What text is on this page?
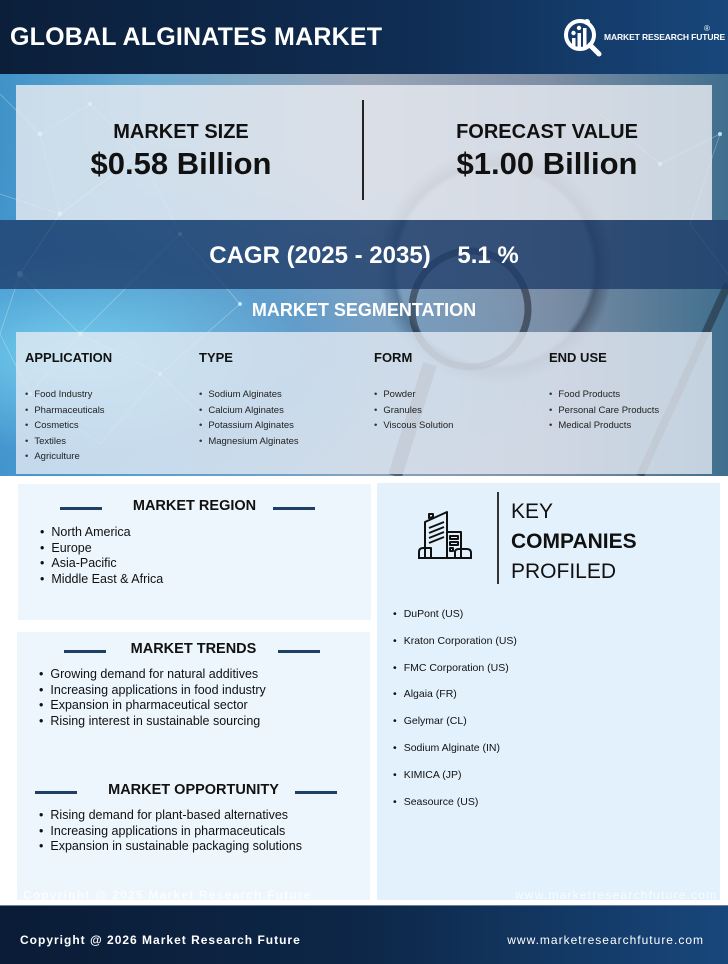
GLOBAL ALGINATES MARKET	MARKET RESEARCH FUTURE
®
MARKET SIZE
$0.58 Billion
FORECAST VALUE
$1.00 Billion
CAGR (2025 - 2035)    5.1 %
MARKET SEGMENTATION
APPLICATION
• Food Industry
• Pharmaceuticals
• Cosmetics
• Textiles
• Agriculture
TYPE
• Sodium Alginates
• Calcium Alginates
• Potassium Alginates
• Magnesium Alginates
FORM
• Powder
• Granules
• Viscous Solution
END USE
• Food Products
• Personal Care Products
• Medical Products
MARKET REGION
• North America
• Europe
• Asia-Pacific
• Middle East & Africa
MARKET TRENDS
• Growing demand for natural additives
• Increasing applications in food industry
• Expansion in pharmaceutical sector
• Rising interest in sustainable sourcing
MARKET OPPORTUNITY
• Rising demand for plant-based alternatives
• Increasing applications in pharmaceuticals
• Expansion in sustainable packaging solutions
KEY
COMPANIES
PROFILED
• DuPont (US)
• Kraton Corporation (US)
• FMC Corporation (US)
• Algaia (FR)
• Gelymar (CL)
• Sodium Alginate (IN)
• KIMICA (JP)
• Seasource (US)
Copyright @ 2025 Market Research Future	www.marketresearchfuture.com
Copyright @ 2026 Market Research Future	www.marketresearchfuture.com
